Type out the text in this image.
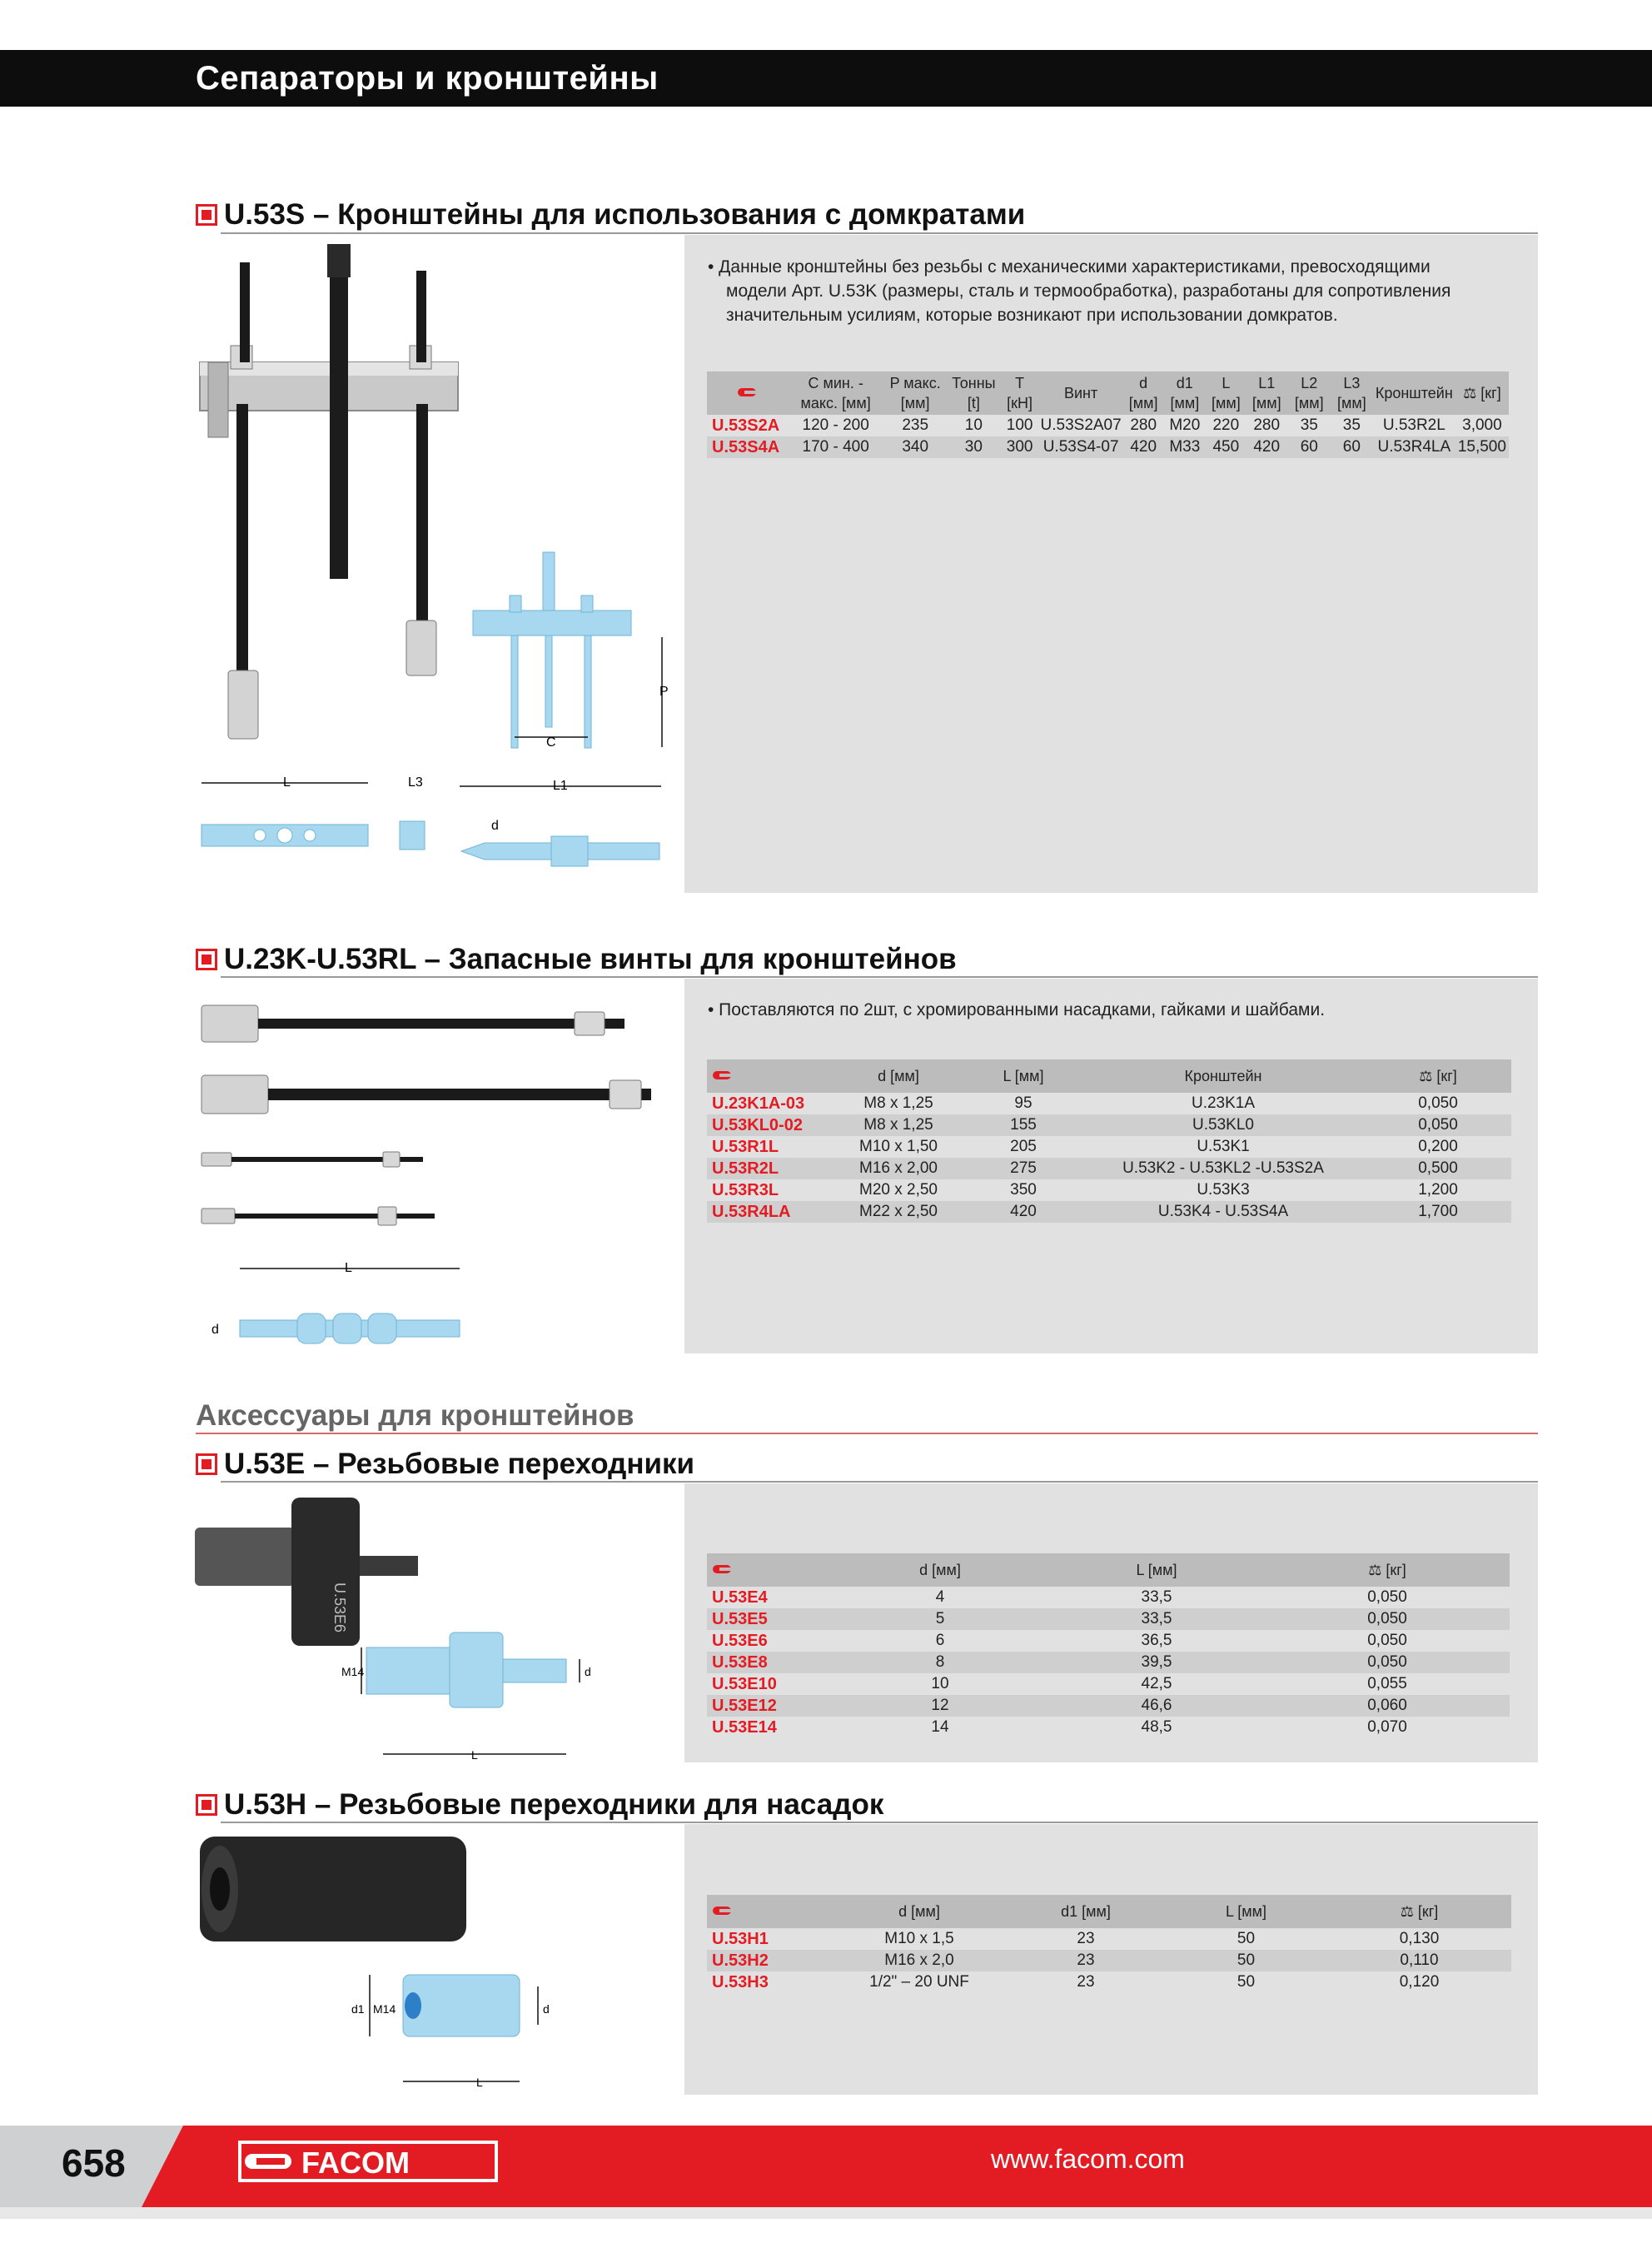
Сепараторы и кронштейны
U.53S – Кронштейны для использования с домкратами
• Данные кронштейны без резьбы с механическими характеристиками, превосходящими
модели Арт. U.53K (размеры, сталь и термообработка), разработаны для сопротивления
значительным усилиям, которые возникают при использовании домкратов.
	С мин. - макс. [мм]	P макс. [мм]	Тонны [t]	T [кН]	Винт	d [мм]	d1 [мм]	L [мм]	L1 [мм]	L2 [мм]	L3 [мм]	Кронштейн	⚖ [кг]
U.53S2A	120 - 200	235	10	100	U.53S2A07	280	M20	220	280	35	35	U.53R2L	3,000
U.53S4A	170 - 400	340	30	300	U.53S4-07	420	M33	450	420	60	60	U.53R4LA	15,500
C
P
L	L3	L1
d
U.23K-U.53RL – Запасные винты для кронштейнов
• Поставляются по 2шт, с хромированными насадками, гайками и шайбами.
	d [мм]	L [мм]	Кронштейн	⚖ [кг]
U.23K1A-03	M8 x 1,25	95	U.23K1A	0,050
U.53KL0-02	M8 x 1,25	155	U.53KL0	0,050
U.53R1L	M10 x 1,50	205	U.53K1	0,200
U.53R2L	M16 x 2,00	275	U.53K2 - U.53KL2 -U.53S2A	0,500
U.53R3L	M20 x 2,50	350	U.53K3	1,200
U.53R4LA	M22 x 2,50	420	U.53K4 - U.53S4A	1,700
L
d
Аксессуары для кронштейнов
U.53E – Резьбовые переходники
	d [мм]	L [мм]	⚖ [кг]
U.53E4	4	33,5	0,050
U.53E5	5	33,5	0,050
U.53E6	6	36,5	0,050
U.53E8	8	39,5	0,050
U.53E10	10	42,5	0,055
U.53E12	12	46,6	0,060
U.53E14	14	48,5	0,070
U.53E6
M14	d
L
U.53H – Резьбовые переходники для насадок
	d [мм]	d1 [мм]	L [мм]	⚖ [кг]
U.53H1	M10 x 1,5	23	50	0,130
U.53H2	M16 x 2,0	23	50	0,110
U.53H3	1/2" – 20 UNF	23	50	0,120
d1 M14	d
L
658	FACOM	www.facom.com
